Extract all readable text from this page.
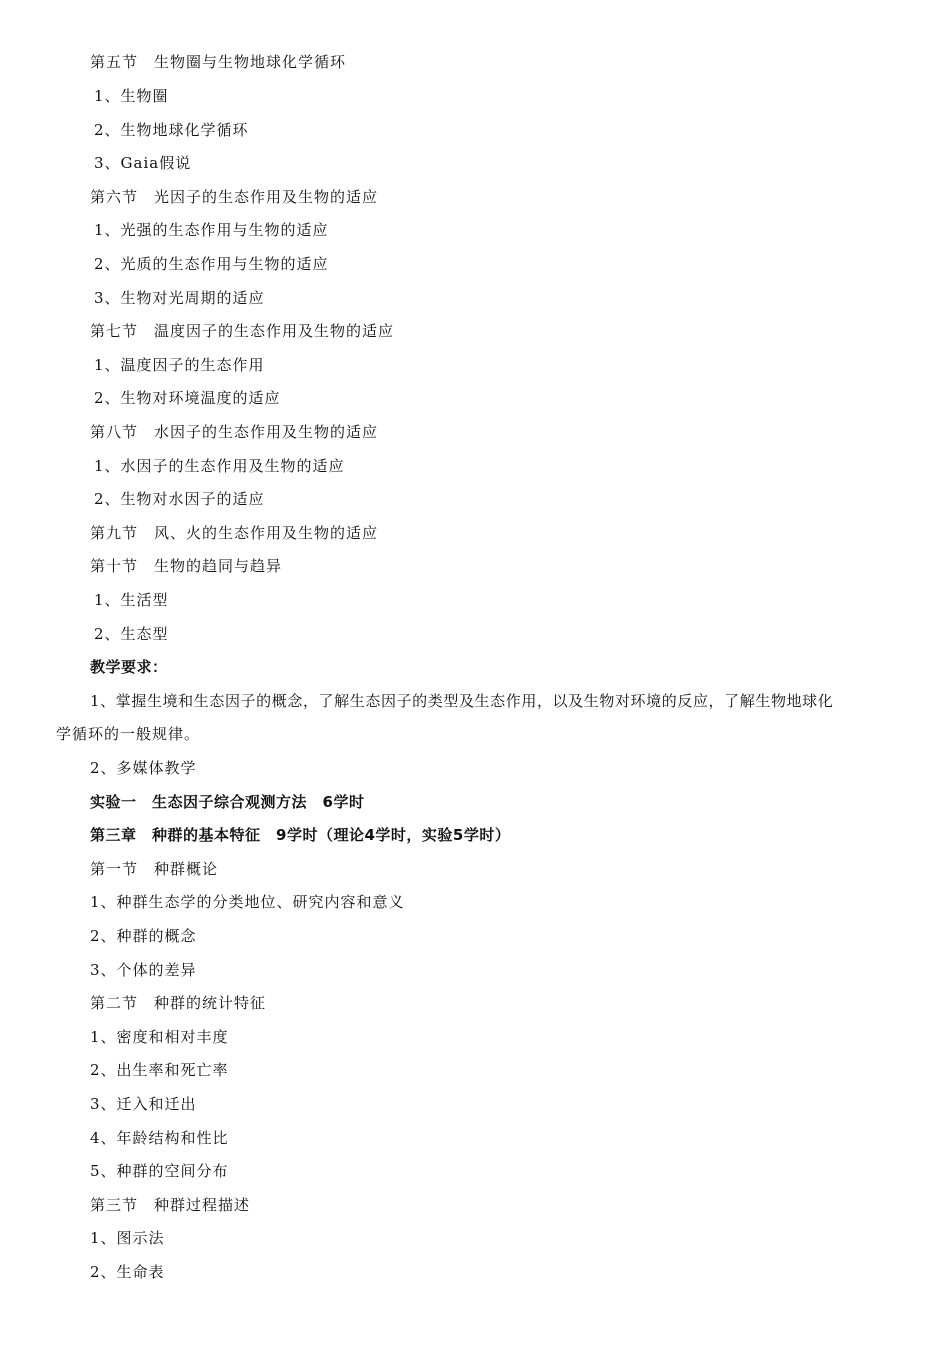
第五节　生物圈与生物地球化学循环
1、生物圈
2、生物地球化学循环
3、Gaia假说
第六节　光因子的生态作用及生物的适应
1、光强的生态作用与生物的适应
2、光质的生态作用与生物的适应
3、生物对光周期的适应
第七节　温度因子的生态作用及生物的适应
1、温度因子的生态作用
2、生物对环境温度的适应
第八节　水因子的生态作用及生物的适应
1、水因子的生态作用及生物的适应
2、生物对水因子的适应
第九节　风、火的生态作用及生物的适应
第十节　生物的趋同与趋异
1、生活型
2、生态型
教学要求：
1、掌握生境和生态因子的概念，了解生态因子的类型及生态作用，以及生物对环境的反应，了解生物地球化
学循环的一般规律。
2、多媒体教学
实验一　生态因子综合观测方法　6学时
第三章　种群的基本特征　9学时（理论4学时，实验5学时）
第一节　种群概论
1、种群生态学的分类地位、研究内容和意义
2、种群的概念
3、个体的差异
第二节　种群的统计特征
1、密度和相对丰度
2、出生率和死亡率
3、迁入和迁出
4、年龄结构和性比
5、种群的空间分布
第三节　种群过程描述
1、图示法
2、生命表
